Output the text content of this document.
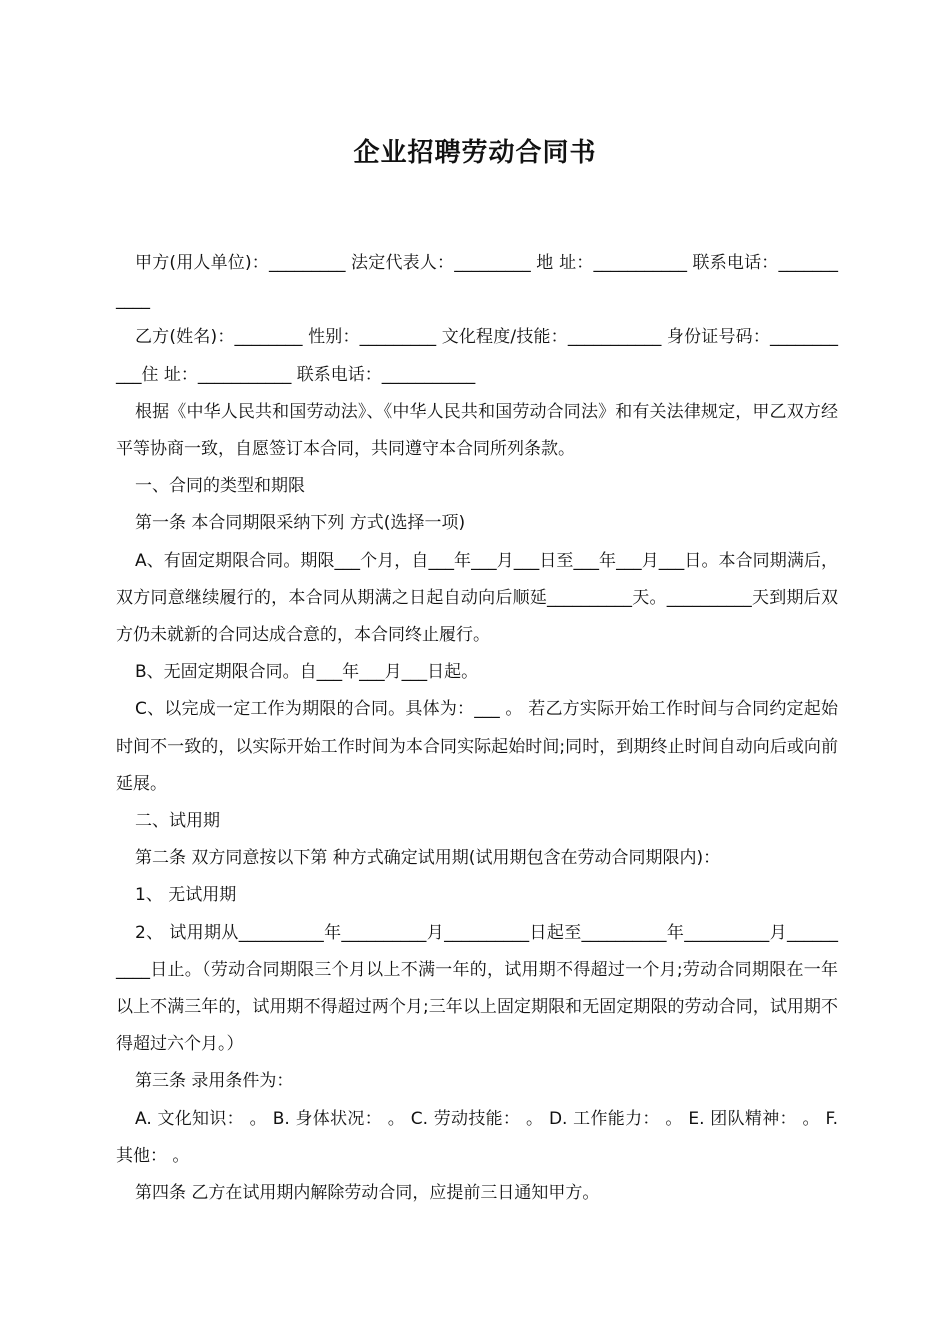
企业招聘劳动合同书

甲方(用人单位)：_________ 法定代表人：_________ 地 址：___________ 联系电话：___________

乙方(姓名)：________ 性别：_________ 文化程度/技能：___________ 身份证号码：___________住 址：___________ 联系电话：___________

根据《中华人民共和国劳动法》、《中华人民共和国劳动合同法》和有关法律规定，甲乙双方经平等协商一致，自愿签订本合同，共同遵守本合同所列条款。

一、合同的类型和期限

第一条 本合同期限采纳下列 方式(选择一项)

A、有固定期限合同。期限___个月，自___年___月___日至___年___月___日。本合同期满后，双方同意继续履行的，本合同从期满之日起自动向后顺延__________天。__________天到期后双方仍未就新的合同达成合意的，本合同终止履行。

B、无固定期限合同。自___年___月___日起。

C、以完成一定工作为期限的合同。具体为：___ 。 若乙方实际开始工作时间与合同约定起始时间不一致的，以实际开始工作时间为本合同实际起始时间;同时，到期终止时间自动向后或向前延展。

二、试用期

第二条 双方同意按以下第 种方式确定试用期(试用期包含在劳动合同期限内)：

1、 无试用期

2、 试用期从__________年__________月__________日起至__________年__________月__________日止。（劳动合同期限三个月以上不满一年的，试用期不得超过一个月;劳动合同期限在一年以上不满三年的，试用期不得超过两个月;三年以上固定期限和无固定期限的劳动合同，试用期不得超过六个月。）

第三条 录用条件为：

A. 文化知识： 。 B. 身体状况： 。 C. 劳动技能： 。 D. 工作能力： 。 E. 团队精神： 。 F. 其他： 。

第四条 乙方在试用期内解除劳动合同，应提前三日通知甲方。
